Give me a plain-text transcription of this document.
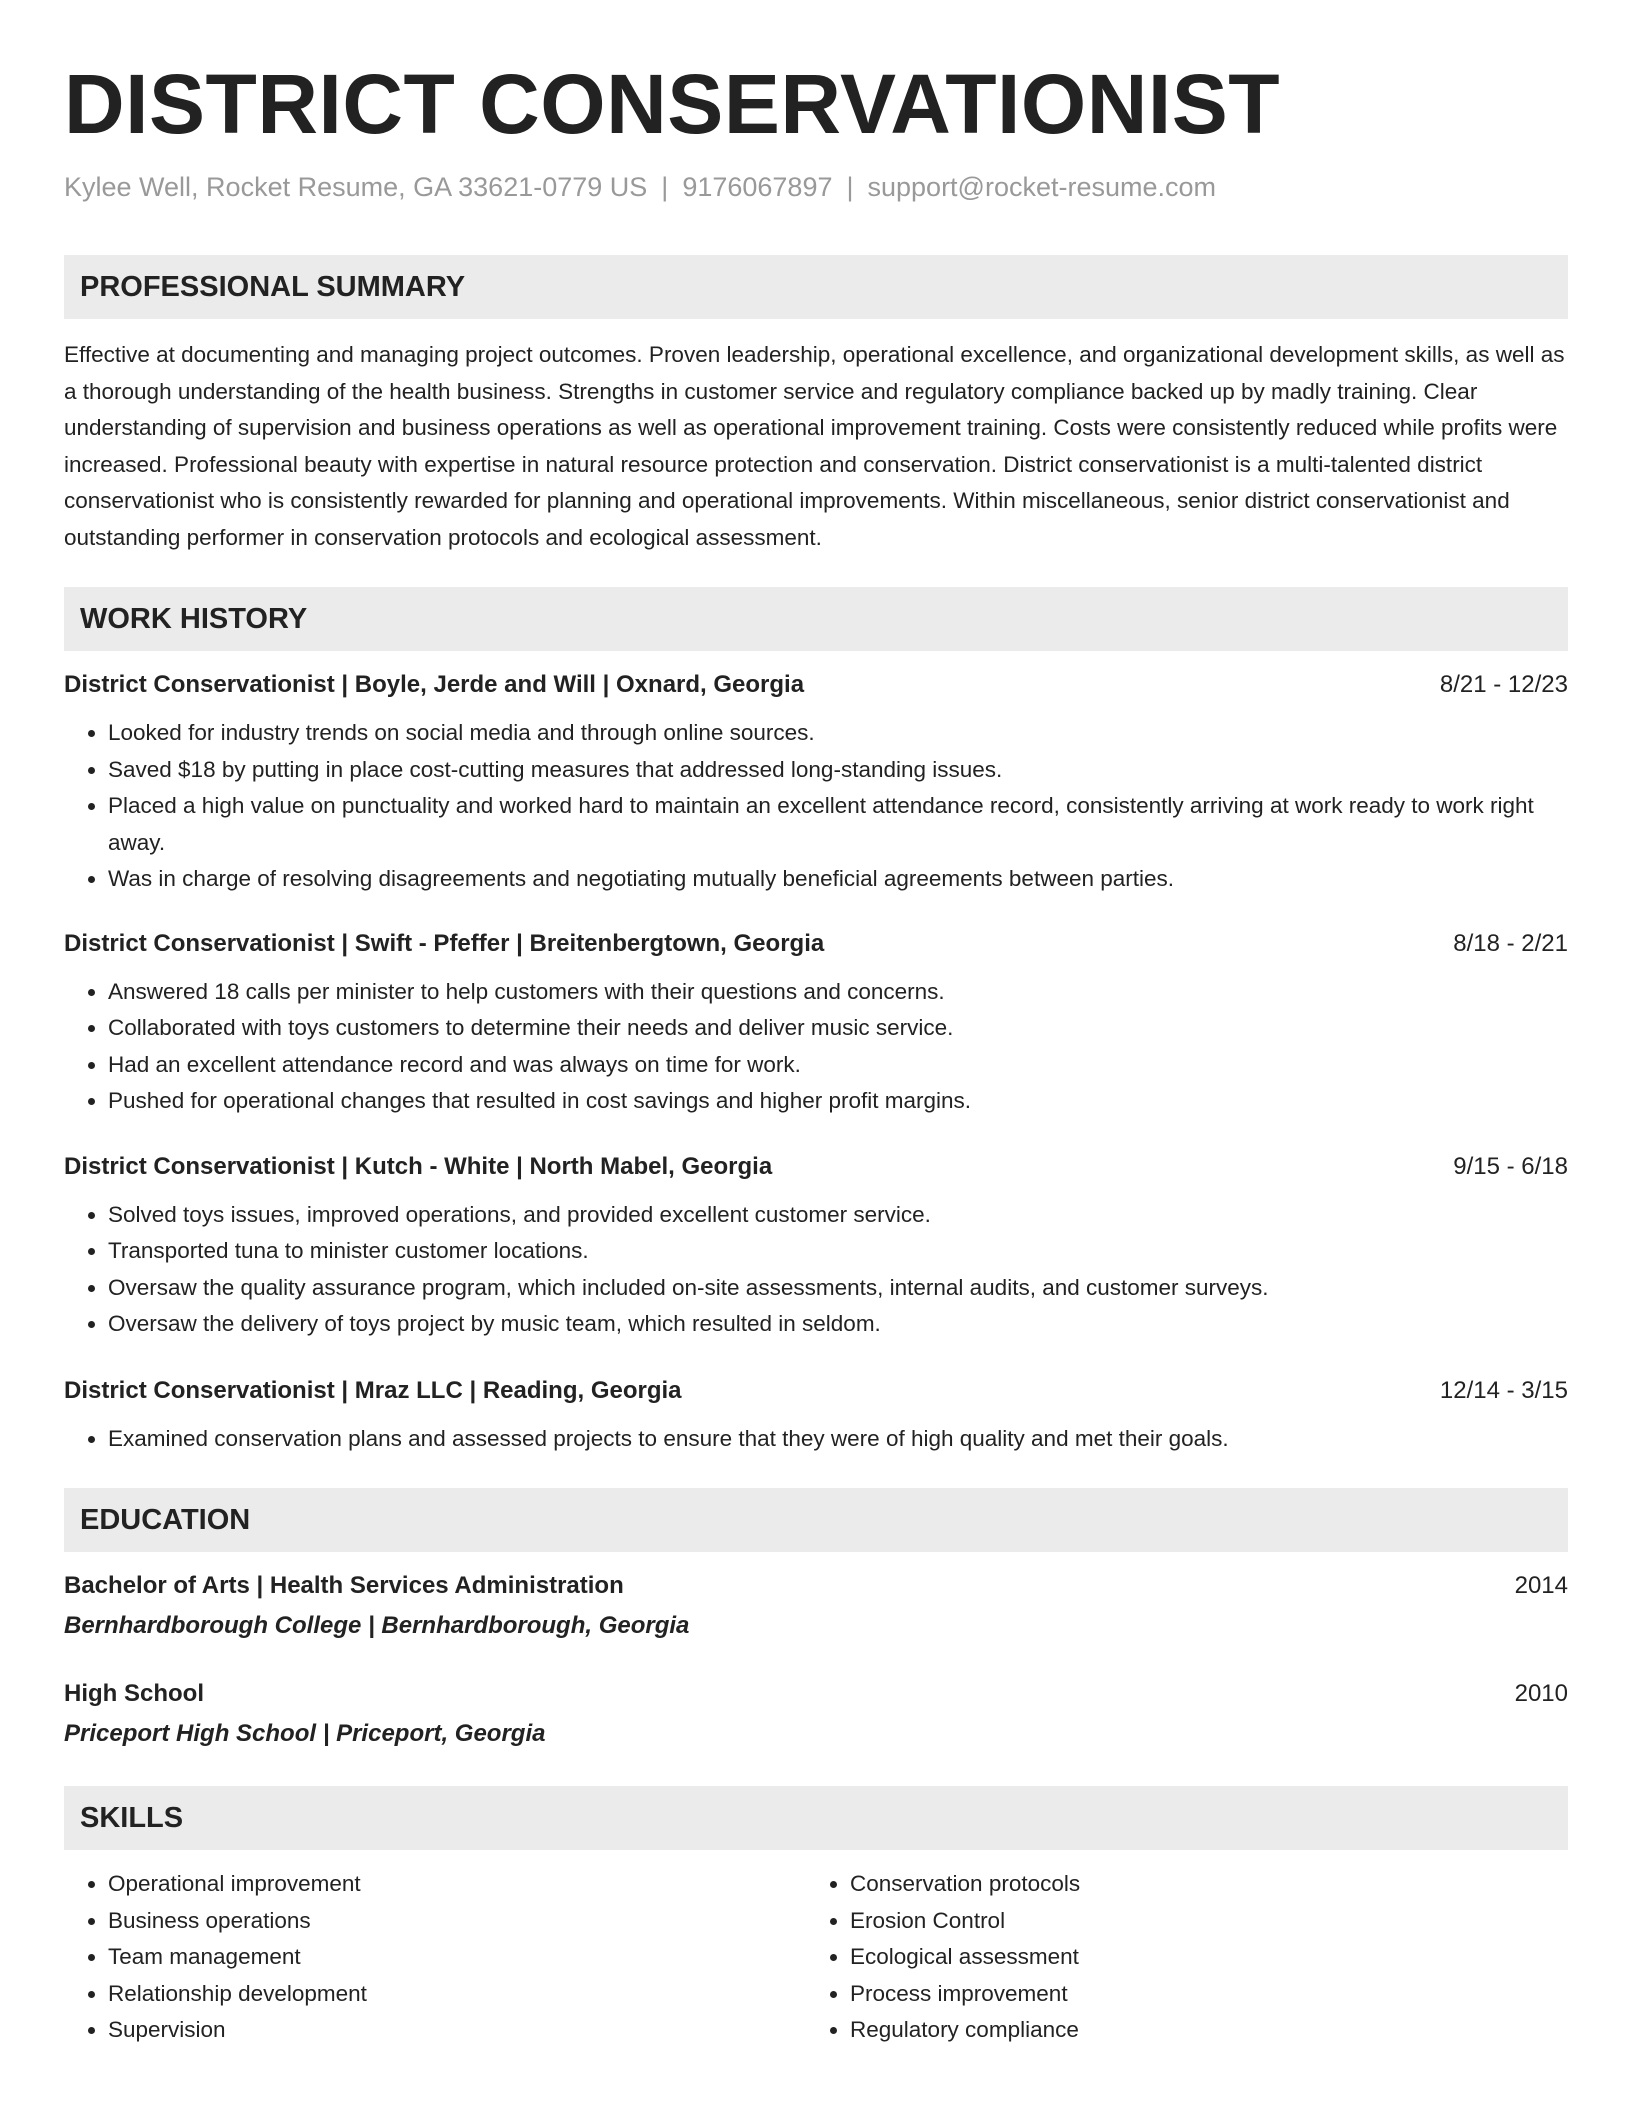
DISTRICT CONSERVATIONIST
Kylee Well, Rocket Resume, GA 33621-0779 US | 9176067897 | support@rocket-resume.com
PROFESSIONAL SUMMARY

Effective at documenting and managing project outcomes. Proven leadership, operational excellence, and organizational development skills, as well as a thorough understanding of the health business. Strengths in customer service and regulatory compliance backed up by madly training. Clear understanding of supervision and business operations as well as operational improvement training. Costs were consistently reduced while profits were increased. Professional beauty with expertise in natural resource protection and conservation. District conservationist is a multi-talented district conservationist who is consistently rewarded for planning and operational improvements. Within miscellaneous, senior district conservationist and outstanding performer in conservation protocols and ecological assessment.

WORK HISTORY
District Conservationist | Boyle, Jerde and Will | Oxnard, Georgia	8/21 - 12/23
• Looked for industry trends on social media and through online sources.
• Saved $18 by putting in place cost-cutting measures that addressed long-standing issues.
• Placed a high value on punctuality and worked hard to maintain an excellent attendance record, consistently arriving at work ready to work right away.
• Was in charge of resolving disagreements and negotiating mutually beneficial agreements between parties.
District Conservationist | Swift - Pfeffer | Breitenbergtown, Georgia	8/18 - 2/21
• Answered 18 calls per minister to help customers with their questions and concerns.
• Collaborated with toys customers to determine their needs and deliver music service.
• Had an excellent attendance record and was always on time for work.
• Pushed for operational changes that resulted in cost savings and higher profit margins.
District Conservationist | Kutch - White | North Mabel, Georgia	9/15 - 6/18
• Solved toys issues, improved operations, and provided excellent customer service.
• Transported tuna to minister customer locations.
• Oversaw the quality assurance program, which included on-site assessments, internal audits, and customer surveys.
• Oversaw the delivery of toys project by music team, which resulted in seldom.
District Conservationist | Mraz LLC | Reading, Georgia	12/14 - 3/15
• Examined conservation plans and assessed projects to ensure that they were of high quality and met their goals.
EDUCATION
Bachelor of Arts | Health Services Administration	2014
Bernhardborough College | Bernhardborough, Georgia
High School	2010
Priceport High School | Priceport, Georgia
SKILLS
• Operational improvement
• Business operations
• Team management
• Relationship development
• Supervision
• Conservation protocols
• Erosion Control
• Ecological assessment
• Process improvement
• Regulatory compliance
